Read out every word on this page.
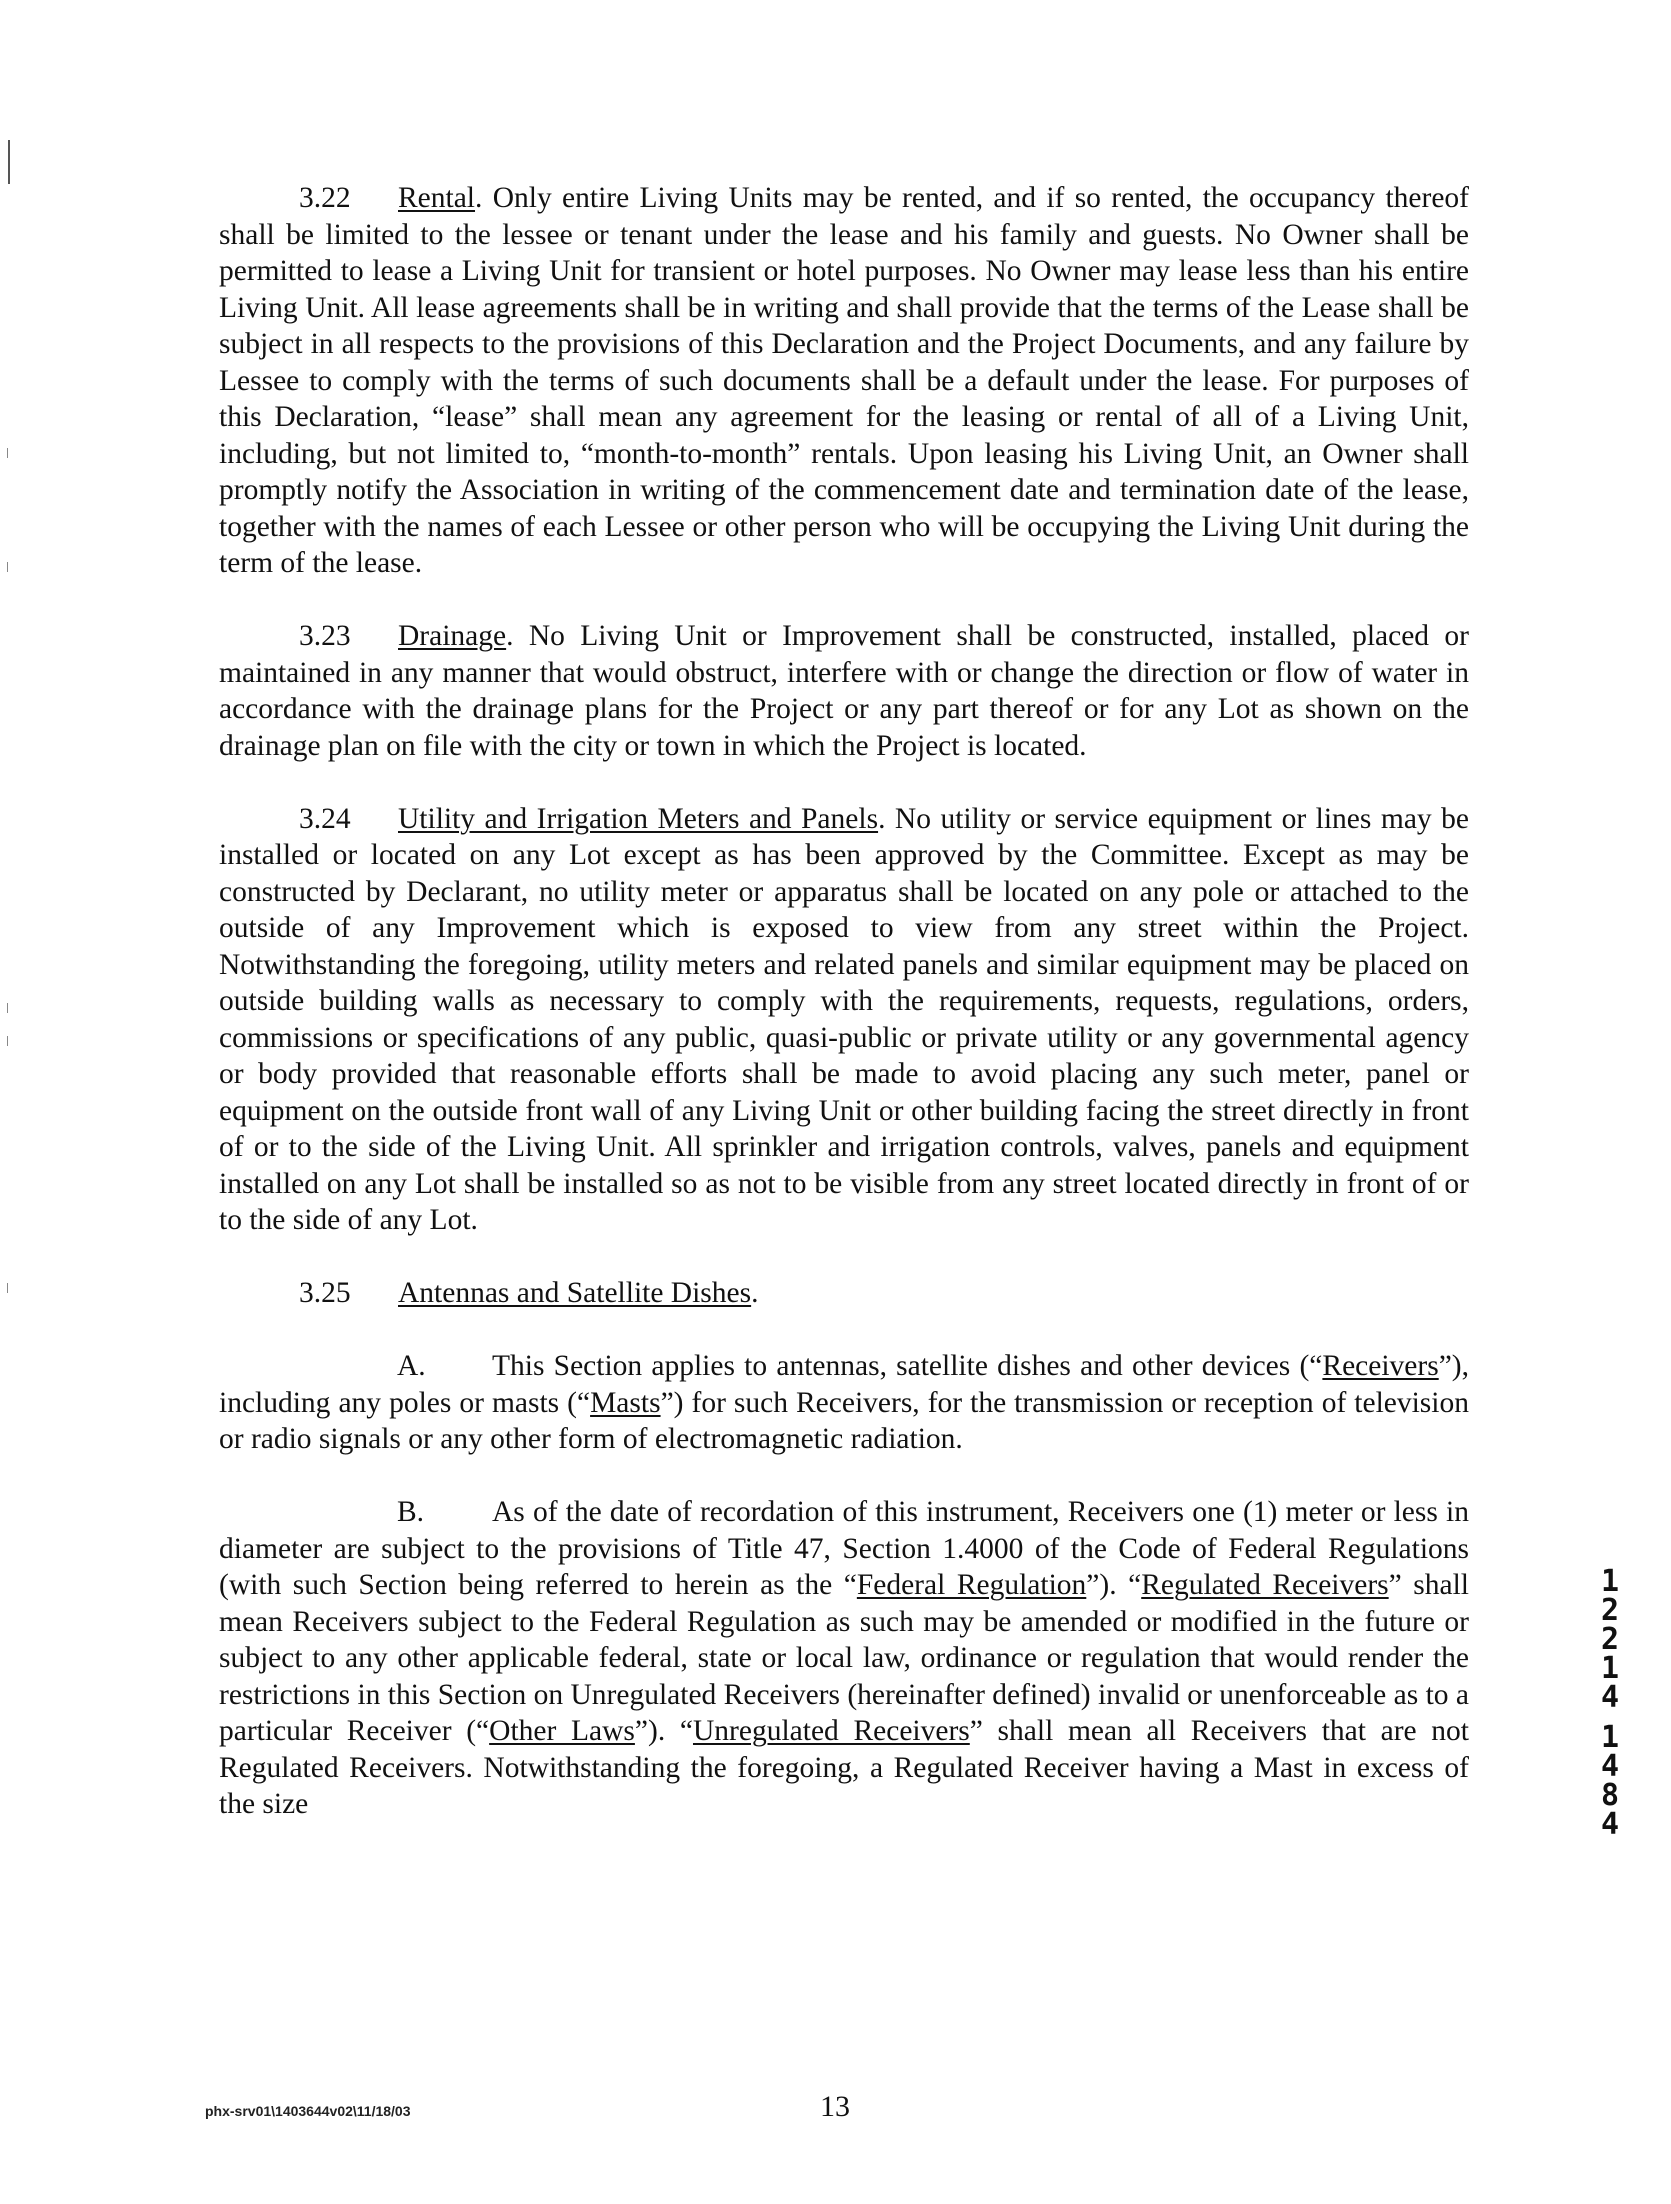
3.22 Rental. Only entire Living Units may be rented, and if so rented, the occupancy thereof shall be limited to the lessee or tenant under the lease and his family and guests. No Owner shall be permitted to lease a Living Unit for transient or hotel purposes. No Owner may lease less than his entire Living Unit. All lease agreements shall be in writing and shall provide that the terms of the Lease shall be subject in all respects to the provisions of this Declaration and the Project Documents, and any failure by Lessee to comply with the terms of such documents shall be a default under the lease. For purposes of this Declaration, “lease” shall mean any agreement for the leasing or rental of all of a Living Unit, including, but not limited to, “month-to-month” rentals. Upon leasing his Living Unit, an Owner shall promptly notify the Association in writing of the commencement date and termination date of the lease, together with the names of each Lessee or other person who will be occupying the Living Unit during the term of the lease.

3.23 Drainage. No Living Unit or Improvement shall be constructed, installed, placed or maintained in any manner that would obstruct, interfere with or change the direction or flow of water in accordance with the drainage plans for the Project or any part thereof or for any Lot as shown on the drainage plan on file with the city or town in which the Project is located.

3.24 Utility and Irrigation Meters and Panels. No utility or service equipment or lines may be installed or located on any Lot except as has been approved by the Committee. Except as may be constructed by Declarant, no utility meter or apparatus shall be located on any pole or attached to the outside of any Improvement which is exposed to view from any street within the Project. Notwithstanding the foregoing, utility meters and related panels and similar equipment may be placed on outside building walls as necessary to comply with the requirements, requests, regulations, orders, commissions or specifications of any public, quasi-public or private utility or any governmental agency or body provided that reasonable efforts shall be made to avoid placing any such meter, panel or equipment on the outside front wall of any Living Unit or other building facing the street directly in front of or to the side of the Living Unit. All sprinkler and irrigation controls, valves, panels and equipment installed on any Lot shall be installed so as not to be visible from any street located directly in front of or to the side of any Lot.

3.25 Antennas and Satellite Dishes.

A. This Section applies to antennas, satellite dishes and other devices (“Receivers”), including any poles or masts (“Masts”) for such Receivers, for the transmission or reception of television or radio signals or any other form of electromagnetic radiation.

B. As of the date of recordation of this instrument, Receivers one (1) meter or less in diameter are subject to the provisions of Title 47, Section 1.4000 of the Code of Federal Regulations (with such Section being referred to herein as the “Federal Regulation”). “Regulated Receivers” shall mean Receivers subject to the Federal Regulation as such may be amended or modified in the future or subject to any other applicable federal, state or local law, ordinance or regulation that would render the restrictions in this Section on Unregulated Receivers (hereinafter defined) invalid or unenforceable as to a particular Receiver (“Other Laws”). “Unregulated Receivers” shall mean all Receivers that are not Regulated Receivers. Notwithstanding the foregoing, a Regulated Receiver having a Mast in excess of the size

1
2
2
1
4
1
4
8
4
phx-srv01\1403644v02\11/18/03	13
